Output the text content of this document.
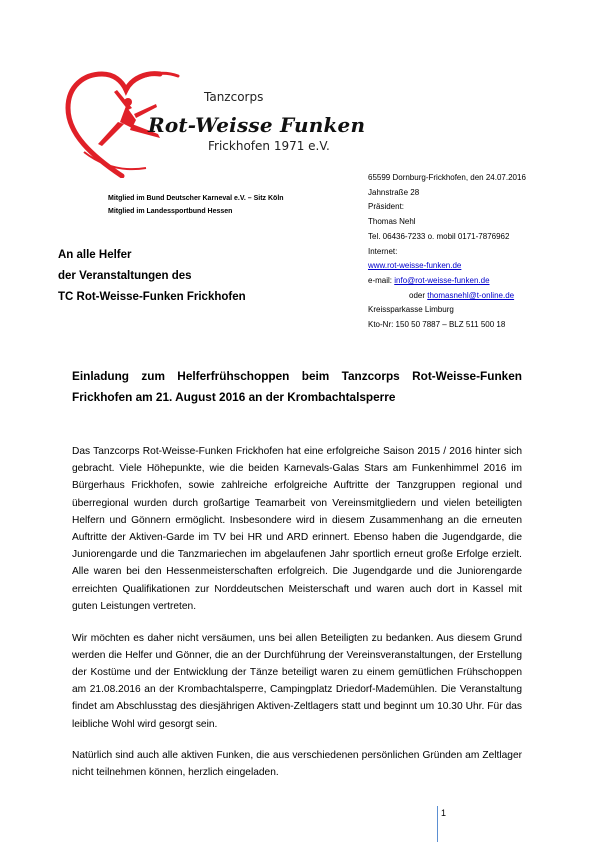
Tanzcorps
Rot-Weisse Funken
Frickhofen 1971 e.V.
Mitglied im Bund Deutscher Karneval e.V. – Sitz Köln
Mitglied im Landessportbund Hessen
An alle Helfer
der Veranstaltungen des
TC Rot-Weisse-Funken Frickhofen
65599 Dornburg-Frickhofen, den 24.07.2016
Jahnstraße 28
Präsident:
Thomas Nehl
Tel. 06436-7233 o. mobil 0171-7876962
Internet:
www.rot-weisse-funken.de
e-mail: info@rot-weisse-funken.de
oder thomasnehl@t-online.de
Kreissparkasse Limburg
Kto-Nr: 150 50 7887 – BLZ 511 500 18
Einladung zum Helferfrühschoppen beim Tanzcorps Rot-Weisse-Funken Frickhofen am 21. August 2016 an der Krombachtalsperre

Das Tanzcorps Rot-Weisse-Funken Frickhofen hat eine erfolgreiche Saison 2015 / 2016 hinter sich gebracht. Viele Höhepunkte, wie die beiden Karnevals-Galas Stars am Funkenhimmel 2016 im Bürgerhaus Frickhofen, sowie zahlreiche erfolgreiche Auftritte der Tanzgruppen regional und überregional wurden durch großartige Teamarbeit von Vereinsmitgliedern und vielen beteiligten Helfern und Gönnern ermöglicht. Insbesondere wird in diesem Zusammenhang an die erneuten Auftritte der Aktiven-Garde im TV bei HR und ARD erinnert. Ebenso haben die Jugendgarde, die Juniorengarde und die Tanzmariechen im abgelaufenen Jahr sportlich erneut große Erfolge erzielt. Alle waren bei den Hessenmeisterschaften erfolgreich. Die Jugendgarde und die Juniorengarde erreichten Qualifikationen zur Norddeutschen Meisterschaft und waren auch dort in Kassel mit guten Leistungen vertreten.

Wir möchten es daher nicht versäumen, uns bei allen Beteiligten zu bedanken. Aus diesem Grund werden die Helfer und Gönner, die an der Durchführung der Vereinsveranstaltungen, der Erstellung der Kostüme und der Entwicklung der Tänze beteiligt waren zu einem gemütlichen Frühschoppen am 21.08.2016 an der Krombachtalsperre, Campingplatz Driedorf-Mademühlen. Die Veranstaltung findet am Abschlusstag des diesjährigen Aktiven-Zeltlagers statt und beginnt um 10.30 Uhr. Für das leibliche Wohl wird gesorgt sein.

Natürlich sind auch alle aktiven Funken, die aus verschiedenen persönlichen Gründen am Zeltlager nicht teilnehmen können, herzlich eingeladen.

1
